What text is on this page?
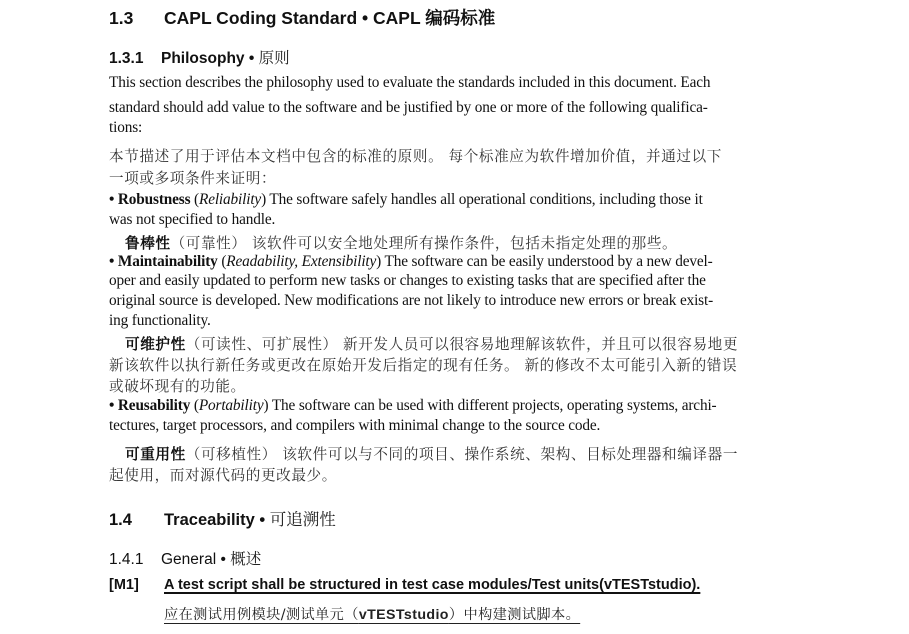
1.3 CAPL Coding Standard • CAPL 编码标准
1.3.1 Philosophy • 原则
This section describes the philosophy used to evaluate the standards included in this document. Each
standard should add value to the software and be justified by one or more of the following qualifica-
tions:
本节描述了用于评估本文档中包含的标准的原则。 每个标准应为软件增加价值，并通过以下
一项或多项条件来证明：
• Robustness (Reliability) The software safely handles all operational conditions, including those it
was not specified to handle.
鲁棒性（可靠性） 该软件可以安全地处理所有操作条件，包括未指定处理的那些。
• Maintainability (Readability, Extensibility) The software can be easily understood by a new devel-
oper and easily updated to perform new tasks or changes to existing tasks that are specified after the
original source is developed. New modifications are not likely to introduce new errors or break exist-
ing functionality.
可维护性（可读性、可扩展性） 新开发人员可以很容易地理解该软件，并且可以很容易地更
新该软件以执行新任务或更改在原始开发后指定的现有任务。 新的修改不太可能引入新的错误
或破坏现有的功能。
• Reusability (Portability) The software can be used with different projects, operating systems, archi-
tectures, target processors, and compilers with minimal change to the source code.
可重用性（可移植性） 该软件可以与不同的项目、操作系统、架构、目标处理器和编译器一
起使用，而对源代码的更改最少。
1.4 Traceability • 可追溯性
1.4.1 General • 概述
[M1] A test script shall be structured in test case modules/Test units(vTESTstudio).
应在测试用例模块/测试单元（vTESTstudio）中构建测试脚本。
